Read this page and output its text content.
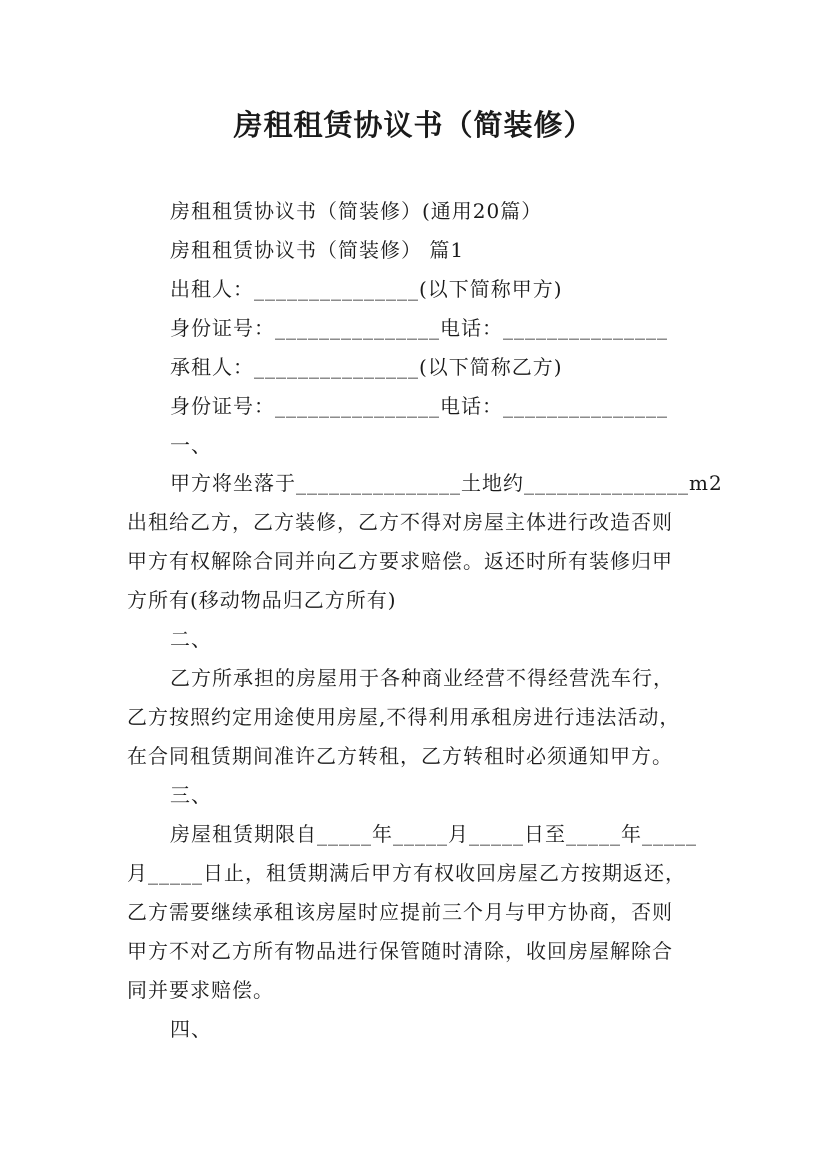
房租租赁协议书（简装修）
房租租赁协议书（简装修）(通用20篇）
房租租赁协议书（简装修） 篇1
出租人：_______________(以下简称甲方)
身份证号：_______________电话：_______________
承租人：_______________(以下简称乙方)
身份证号：_______________电话：_______________
一、
甲方将坐落于_______________土地约_______________m2
出租给乙方，乙方装修，乙方不得对房屋主体进行改造否则
甲方有权解除合同并向乙方要求赔偿。返还时所有装修归甲
方所有(移动物品归乙方所有)
二、
乙方所承担的房屋用于各种商业经营不得经营洗车行，
乙方按照约定用途使用房屋,不得利用承租房进行违法活动，
在合同租赁期间准许乙方转租，乙方转租时必须通知甲方。
三、
房屋租赁期限自_____年_____月_____日至_____年_____
月_____日止，租赁期满后甲方有权收回房屋乙方按期返还，
乙方需要继续承租该房屋时应提前三个月与甲方协商，否则
甲方不对乙方所有物品进行保管随时清除，收回房屋解除合
同并要求赔偿。
四、
